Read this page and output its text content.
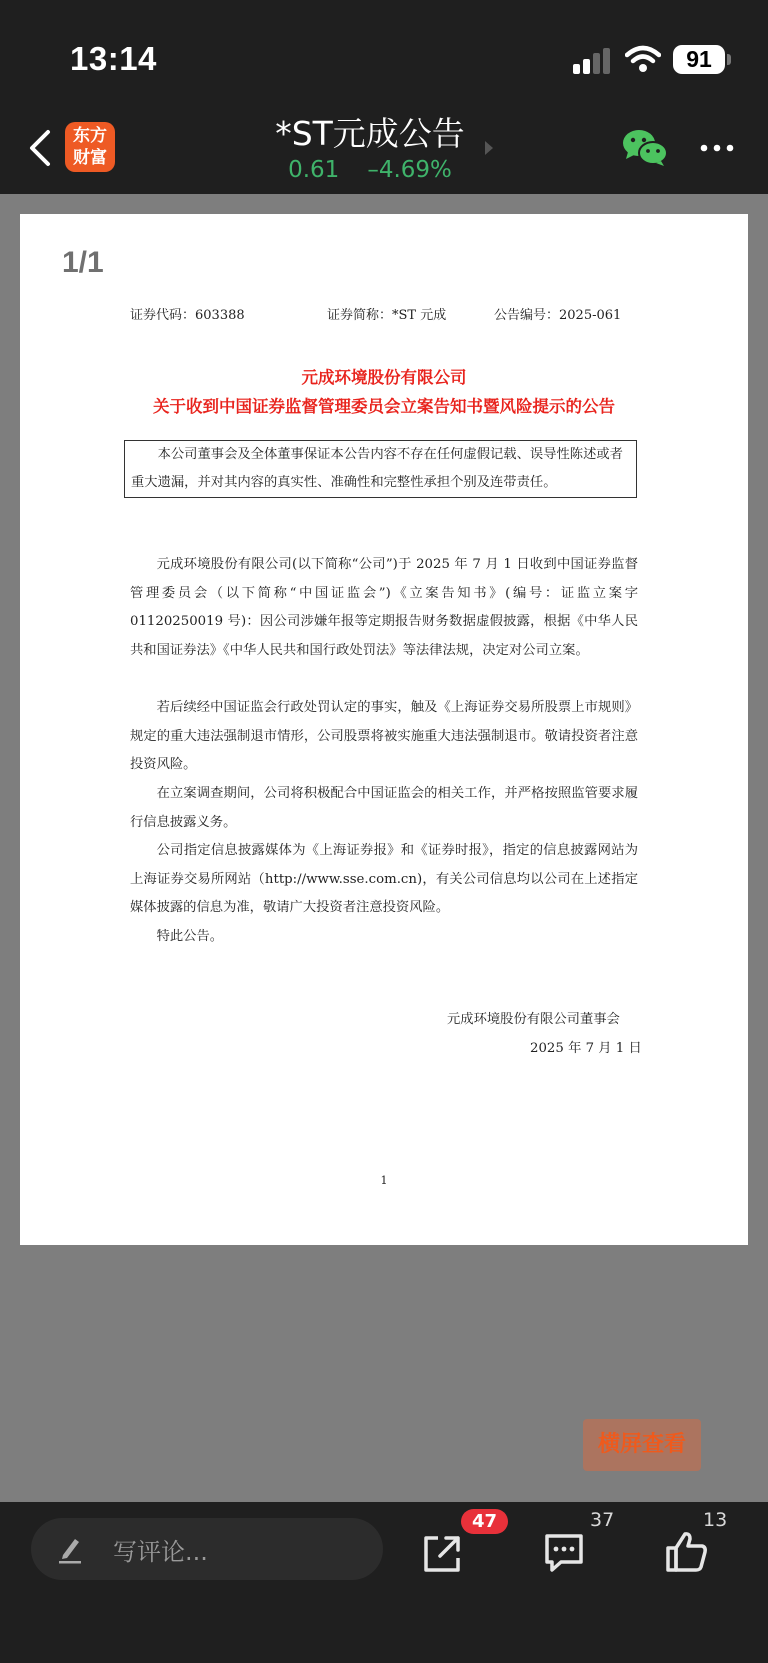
13:14	91
东方
财富
*ST元成公告
0.61 –4.69%
1/1
证券代码：603388	证券简称：*ST 元成	公告编号：2025-061
元成环境股份有限公司
关于收到中国证券监督管理委员会立案告知书暨风险提示的公告
本公司董事会及全体董事保证本公告内容不存在任何虚假记载、误导性陈述或者重大遗漏，并对其内容的真实性、准确性和完整性承担个别及连带责任。
元成环境股份有限公司(以下简称“公司”)于 2025 年 7 月 1 日收到中国证券监督管理委员会（以下简称“中国证监会”)《立案告知书》(编号：证监立案字 01120250019 号)：因公司涉嫌年报等定期报告财务数据虚假披露，根据《中华人民共和国证券法》《中华人民共和国行政处罚法》等法律法规，决定对公司立案。
若后续经中国证监会行政处罚认定的事实，触及《上海证券交易所股票上市规则》规定的重大违法强制退市情形，公司股票将被实施重大违法强制退市。敬请投资者注意投资风险。
在立案调查期间，公司将积极配合中国证监会的相关工作，并严格按照监管要求履行信息披露义务。
公司指定信息披露媒体为《上海证券报》和《证券时报》，指定的信息披露网站为上海证券交易所网站（http://www.sse.com.cn)，有关公司信息均以公司在上述指定媒体披露的信息为准，敬请广大投资者注意投资风险。
特此公告。
元成环境股份有限公司董事会
2025 年 7 月 1 日
1
横屏查看
写评论...
47	37	13
